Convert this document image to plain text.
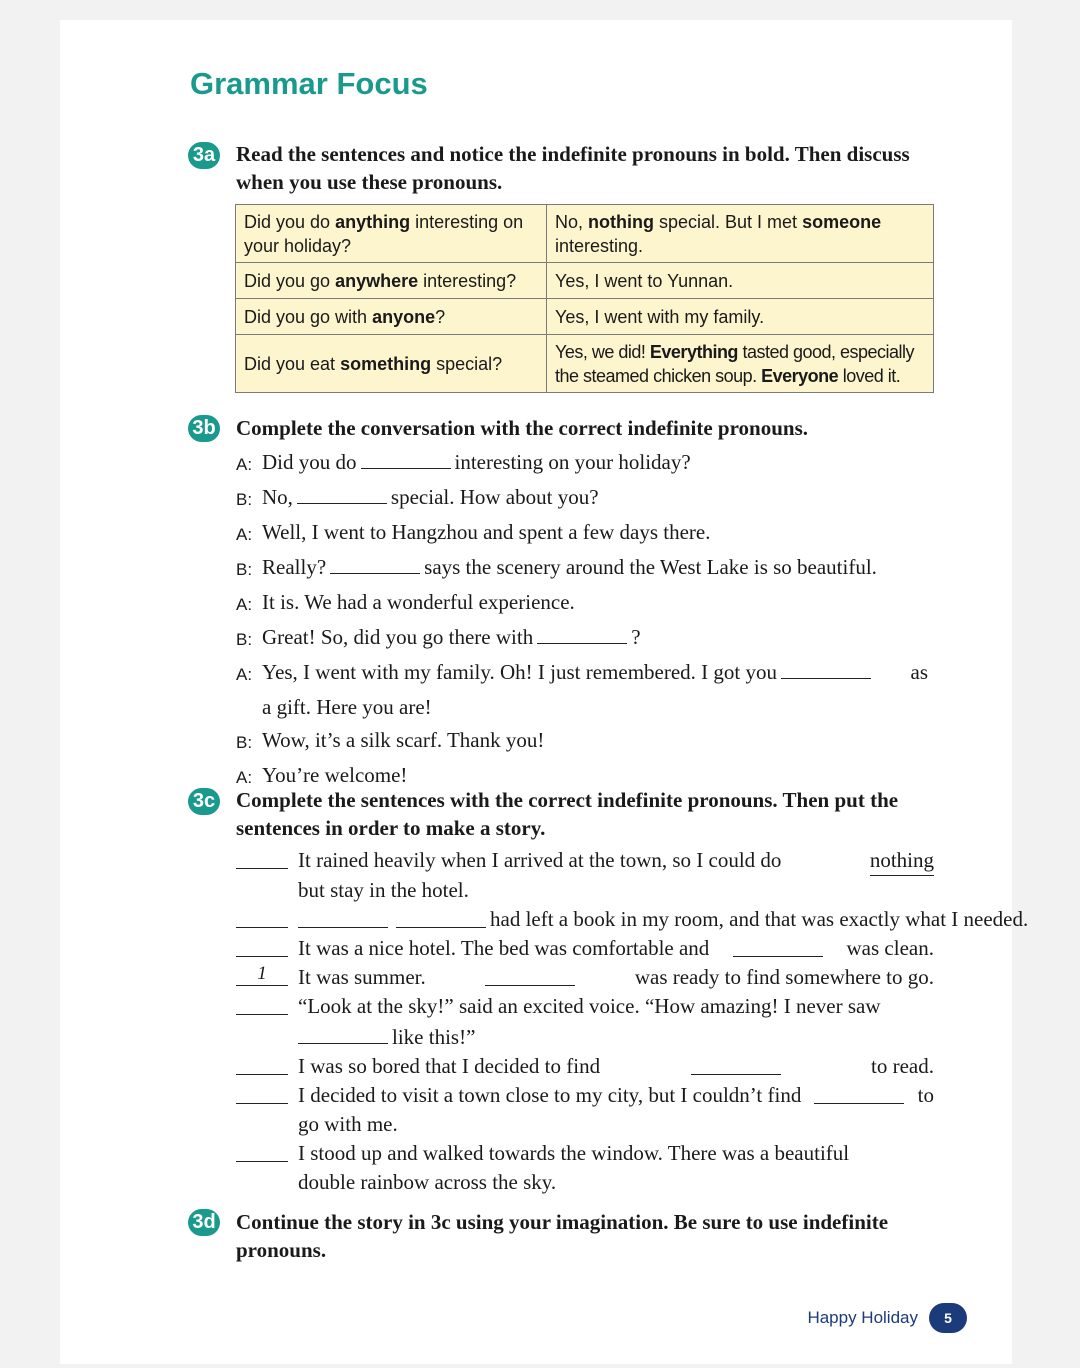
Grammar Focus
3a Read the sentences and notice the indefinite pronouns in bold. Then discuss when you use these pronouns.
Did you do anything interesting on your holiday?	No, nothing special. But I met someone interesting.
Did you go anywhere interesting?	Yes, I went to Yunnan.
Did you go with anyone?	Yes, I went with my family.
Did you eat something special?	Yes, we did! Everything tasted good, especially the steamed chicken soup. Everyone loved it.
3b Complete the conversation with the correct indefinite pronouns.
A: Did you do	interesting on your holiday?
B: No,	special. How about you?
A: Well, I went to Hangzhou and spent a few days there.
B: Really?	says the scenery around the West Lake is so beautiful.
A: It is. We had a wonderful experience.
B: Great! So, did you go there with	?
A: Yes, I went with my family. Oh! I just remembered. I got you	as
a gift. Here you are!
B: Wow, it’s a silk scarf. Thank you!
A: You’re welcome!
3c Complete the sentences with the correct indefinite pronouns. Then put the sentences in order to make a story.
It rained heavily when I arrived at the town, so I could do	nothing
but stay in the hotel.
had left a book in my room, and that was exactly what I needed.
It was a nice hotel. The bed was comfortable and	was clean.
1	It was summer.	was ready to find somewhere to go.
“Look at the sky!” said an excited voice. “How amazing! I never saw
like this!”
I was so bored that I decided to find	to read.
I decided to visit a town close to my city, but I couldn’t find	to
go with me.
I stood up and walked towards the window. There was a beautiful
double rainbow across the sky.
3d Continue the story in 3c using your imagination. Be sure to use indefinite pronouns.
Happy Holiday	5
